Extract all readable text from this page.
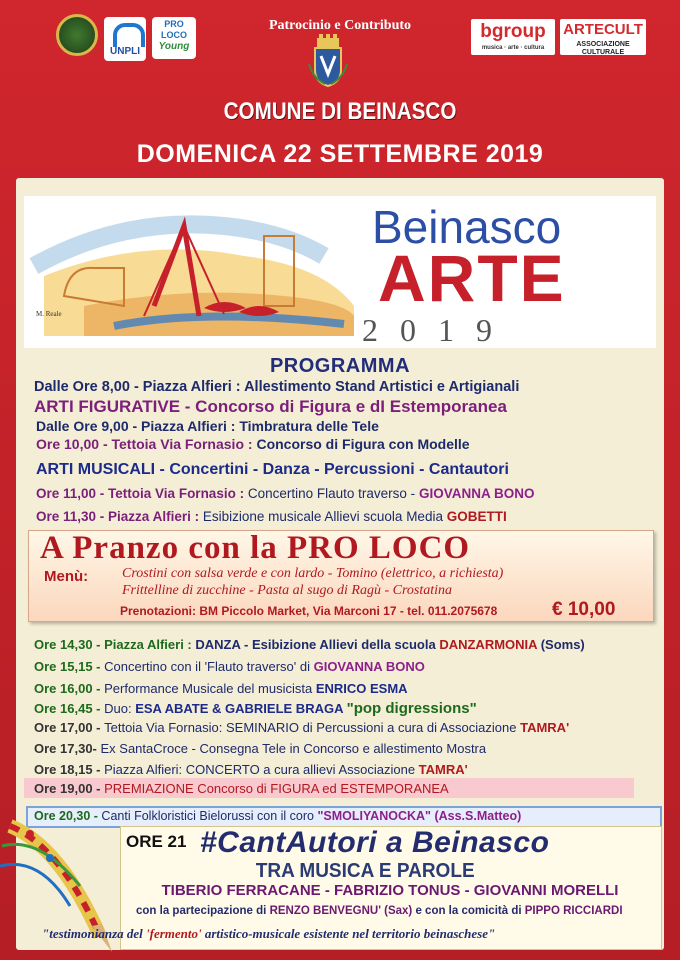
UNPLI
PRO
LOCO
Young
Patrocinio e Contributo	bgroup
musica · arte · cultura
ARTECULT
ASSOCIAZIONE CULTURALE
COMUNE DI BEINASCO
DOMENICA 22 SETTEMBRE 2019
M. Reale
Beinasco
ARTE
2019
PROGRAMMA
Dalle Ore 8,00 - Piazza Alfieri : Allestimento Stand Artistici e Artigianali
ARTI FIGURATIVE - Concorso di Figura e dI Estemporanea
Dalle Ore 9,00 - Piazza Alfieri : Timbratura delle Tele
Ore 10,00 - Tettoia Via Fornasio : Concorso di Figura con Modelle
ARTI MUSICALI - Concertini - Danza - Percussioni - Cantautori
Ore 11,00 - Tettoia Via Fornasio : Concertino Flauto traverso - GIOVANNA BONO
Ore 11,30 - Piazza Alfieri : Esibizione musicale Allievi scuola Media GOBETTI
A Pranzo con la PRO LOCO
Menù: Crostini con salsa verde e con lardo - Tomino (elettrico, a richiesta)
Frittelline di zucchine - Pasta al sugo di Ragù - Crostatina
Prenotazioni: BM Piccolo Market, Via Marconi 17 - tel. 011.2075678	€ 10,00
Ore 14,30 - Piazza Alfieri : DANZA - Esibizione Allievi della scuola DANZARMONIA (Soms)
Ore 15,15 - Concertino con il 'Flauto traverso' di GIOVANNA BONO
Ore 16,00 - Performance Musicale del musicista ENRICO ESMA
Ore 16,45 - Duo: ESA ABATE & GABRIELE BRAGA "pop digressions"
Ore 17,00 - Tettoia Via Fornasio: SEMINARIO di Percussioni a cura di Associazione TAMRA'
Ore 17,30- Ex SantaCroce - Consegna Tele in Concorso e allestimento Mostra
Ore 18,15 - Piazza Alfieri: CONCERTO a cura allievi Associazione TAMRA'
Ore 19,00 - PREMIAZIONE Concorso di FIGURA ed ESTEMPORANEA
Ore 20,30 - Canti Folkloristici Bielorussi con il coro "SMOLIYANOCKA" (Ass.S.Matteo)
ORE 21 #CantAutori a Beinasco
TRA MUSICA E PAROLE
TIBERIO FERRACANE - FABRIZIO TONUS - GIOVANNI MORELLI
con la partecipazione di RENZO BENVEGNU' (Sax) e con la comicità di PIPPO RICCIARDI
"testimonianza del 'fermento' artistico-musicale esistente nel territorio beinaschese"
